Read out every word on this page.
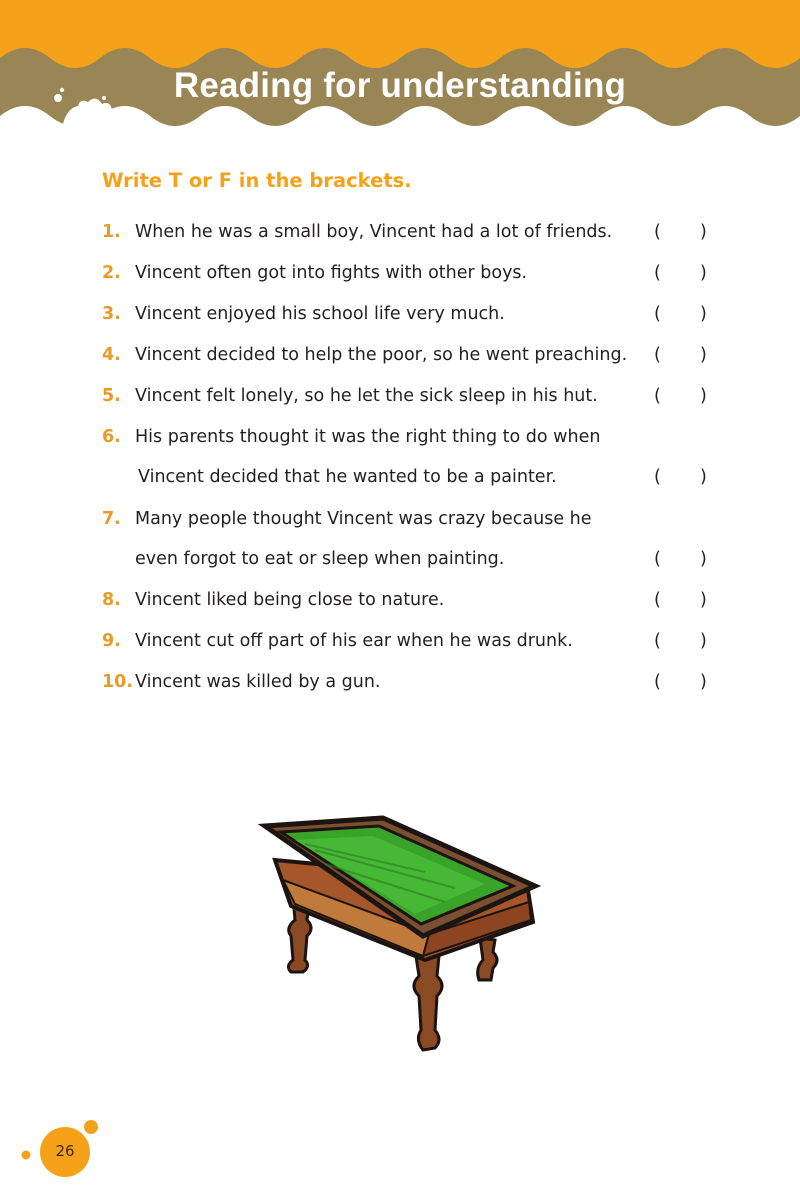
Reading for understanding
Write T or F in the brackets.
1. When he was a small boy, Vincent had a lot of friends. ( )
2. Vincent often got into fights with other boys.	( )
3. Vincent enjoyed his school life very much.	( )
4. Vincent decided to help the poor, so he went preaching. ( )
5. Vincent felt lonely, so he let the sick sleep in his hut.	( )
6. His parents thought it was the right thing to do when
Vincent decided that he wanted to be a painter.	( )
7. Many people thought Vincent was crazy because he
even forgot to eat or sleep when painting.	( )
8. Vincent liked being close to nature.	( )
9. Vincent cut off part of his ear when he was drunk.	( )
10. Vincent was killed by a gun.	( )
26
